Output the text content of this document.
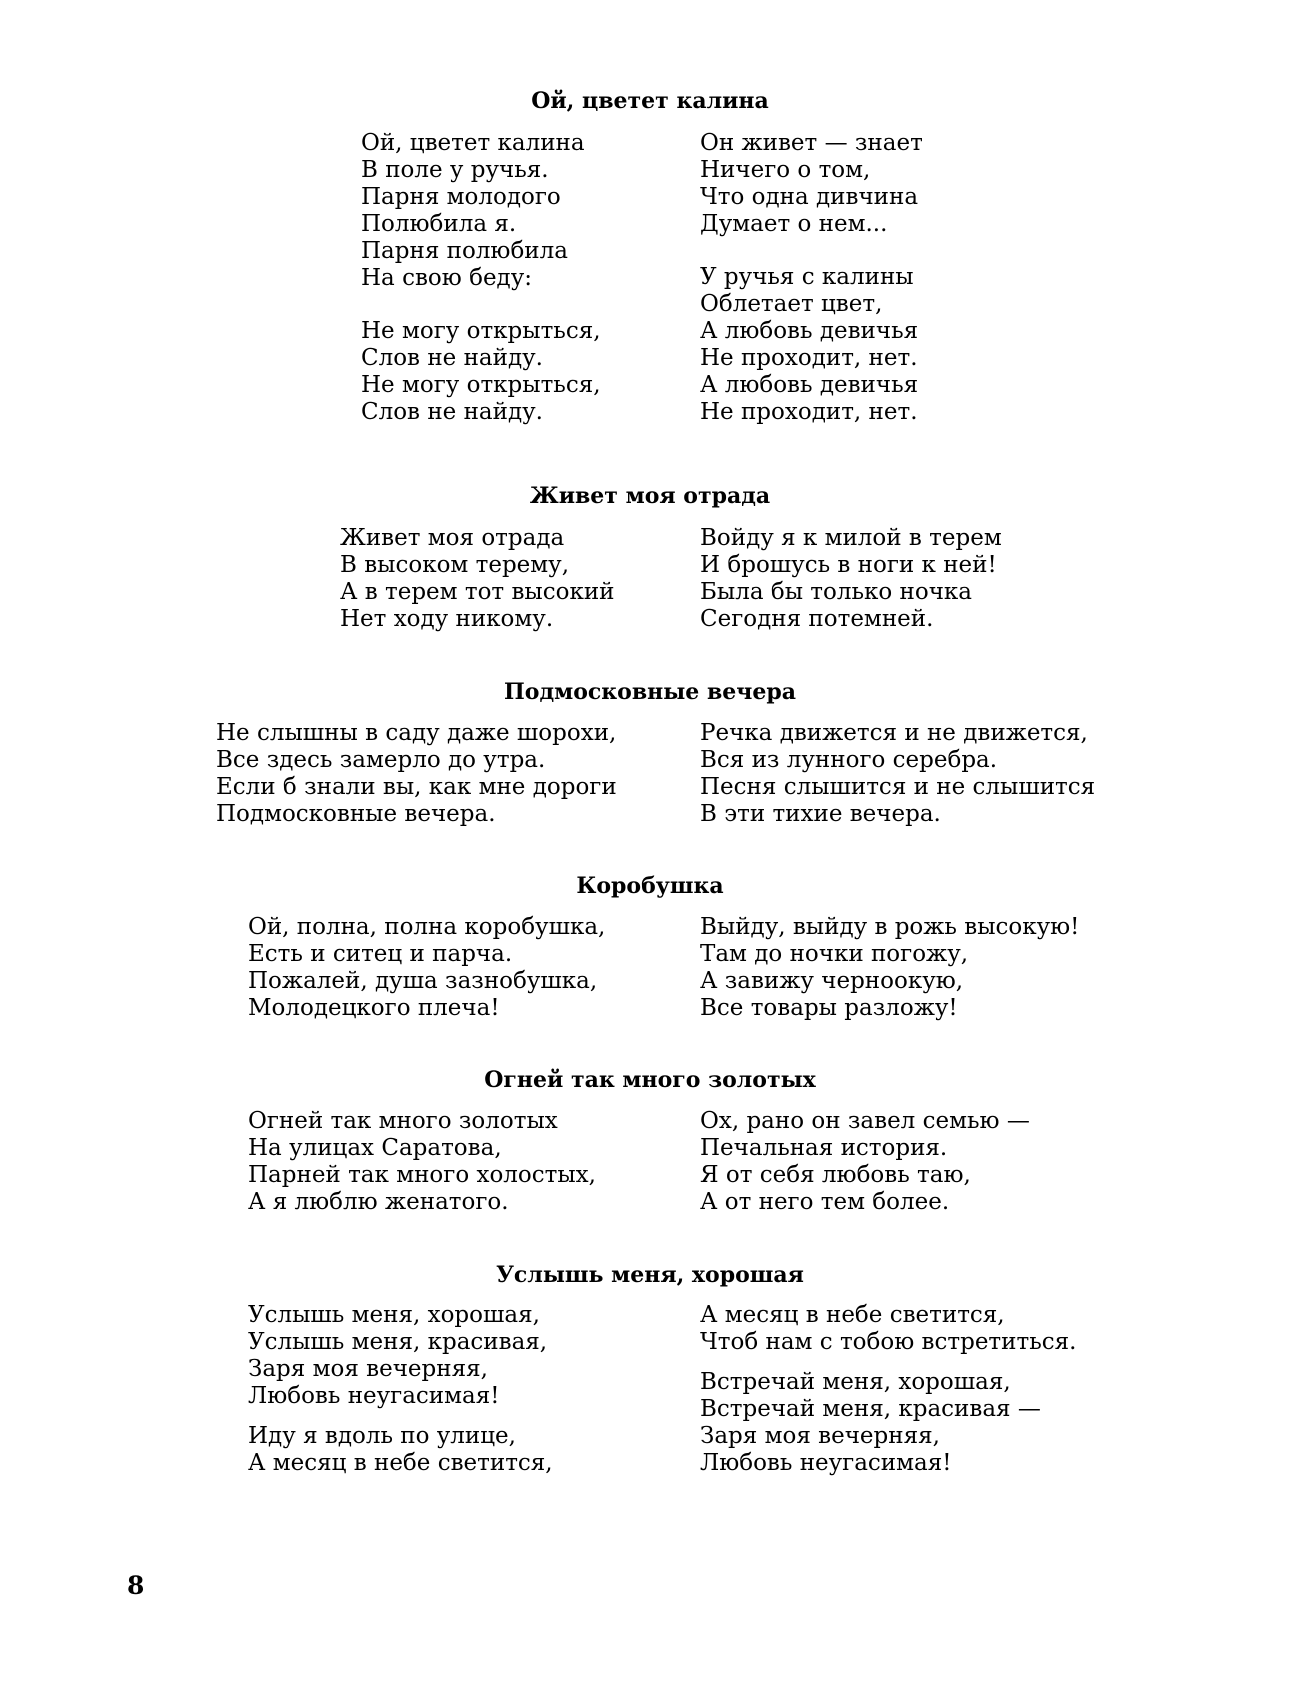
Ой, цветет калина
Ой, цветет калина
В поле у ручья.
Парня молодого
Полюбила я.
Парня полюбила
На свою беду:
Не могу открыться,
Слов не найду.
Не могу открыться,
Слов не найду.
Он живет — знает
Ничего о том,
Что одна дивчина
Думает о нем...
У ручья с калины
Облетает цвет,
А любовь девичья
Не проходит, нет.
А любовь девичья
Не проходит, нет.
Живет моя отрада
Живет моя отрада
В высоком терему,
А в терем тот высокий
Нет ходу никому.
Войду я к милой в терем
И брошусь в ноги к ней!
Была бы только ночка
Сегодня потемней.
Подмосковные вечера
Не слышны в саду даже шорохи,
Все здесь замерло до утра.
Если б знали вы, как мне дороги
Подмосковные вечера.
Речка движется и не движется,
Вся из лунного серебра.
Песня слышится и не слышится
В эти тихие вечера.
Коробушка
Ой, полна, полна коробушка,
Есть и ситец и парча.
Пожалей, душа зазнобушка,
Молодецкого плеча!
Выйду, выйду в рожь высокую!
Там до ночки погожу,
А завижу черноокую,
Все товары разложу!
Огней так много золотых
Огней так много золотых
На улицах Саратова,
Парней так много холостых,
А я люблю женатого.
Ох, рано он завел семью —
Печальная история.
Я от себя любовь таю,
А от него тем более.
Услышь меня, хорошая
Услышь меня, хорошая,
Услышь меня, красивая,
Заря моя вечерняя,
Любовь неугасимая!
Иду я вдоль по улице,
А месяц в небе светится,
А месяц в небе светится,
Чтоб нам с тобою встретиться.
Встречай меня, хорошая,
Встречай меня, красивая —
Заря моя вечерняя,
Любовь неугасимая!
8
